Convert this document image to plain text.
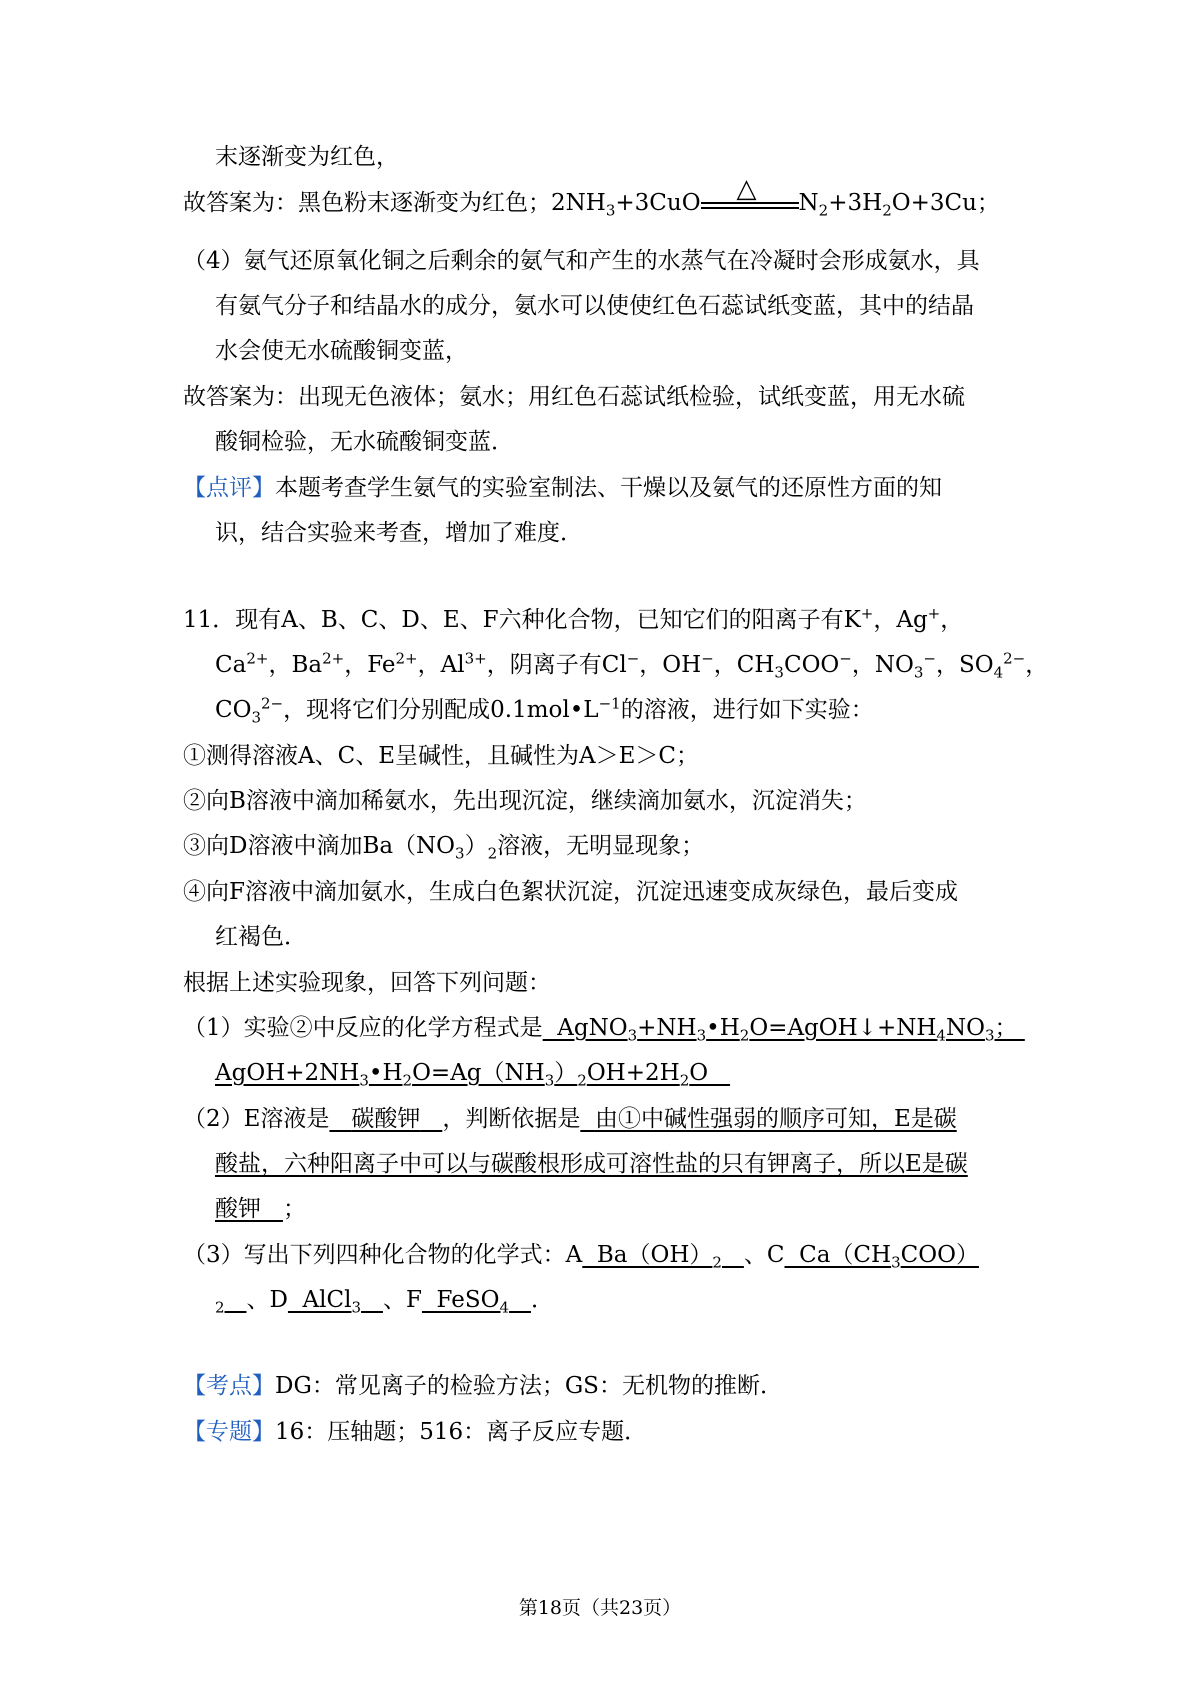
末逐渐变为红色，
故答案为：黑色粉末逐渐变为红色；$2NH_3+3CuO$ △ $N_2+3H_2O+3Cu$；
（4）氨气还原氧化铜之后剩余的氨气和产生的水蒸气在冷凝时会形成氨水，具
有氨气分子和结晶水的成分，氨水可以使使红色石蕊试纸变蓝，其中的结晶
水会使无水硫酸铜变蓝，
故答案为：出现无色液体；氨水；用红色石蕊试纸检验，试纸变蓝，用无水硫
酸铜检验，无水硫酸铜变蓝．
【点评】本题考查学生氨气的实验室制法、干燥以及氨气的还原性方面的知
识，结合实验来考查，增加了难度．
11．现有A、B、C、D、E、F六种化合物，已知它们的阳离子有K+，Ag+，
$Ca^{2+}$，$Ba^{2+}$，$Fe^{2+}$，$Al^{3+}$，阴离子有Cl−，OH−，$CH_3COO^-$，$NO_3^-$，$SO_4^{2-}$，
$CO_3^{2-}$，现将它们分别配成$0.1mol•L^{-1}$的溶液，进行如下实验：
①测得溶液A、C、E呈碱性，且碱性为A＞E＞C；
②向B溶液中滴加稀氨水，先出现沉淀，继续滴加氨水，沉淀消失；
③向D溶液中滴加$Ba(NO_3)_2$溶液，无明显现象；
④向F溶液中滴加氨水，生成白色絮状沉淀，沉淀迅速变成灰绿色，最后变成
红褐色．
根据上述实验现象，回答下列问题：
（1）实验②中反应的化学方程式是  $AgNO_3+NH_3•H_2O=AgOH↓+NH_4NO_3$；
$AgOH+2NH_3•H_2O=Ag(NH_3)_2OH+2H_2O$
（2）E溶液是 碳酸钾 ，判断依据是 由①中碱性强弱的顺序可知，E是碳
酸盐，六种阳离子中可以与碳酸根形成可溶性盐的只有钾离子，所以E是碳
酸钾 ；
（3）写出下列四种化合物的化学式：A  $Ba(OH)_2$ 、C  $Ca(CH_3COO)$
$_2$ 、D  AlCl$_3$ 、F  FeSO$_4$ ．
【考点】DG：常见离子的检验方法；GS：无机物的推断．
【专题】16：压轴题；516：离子反应专题．
第18页（共23页）
